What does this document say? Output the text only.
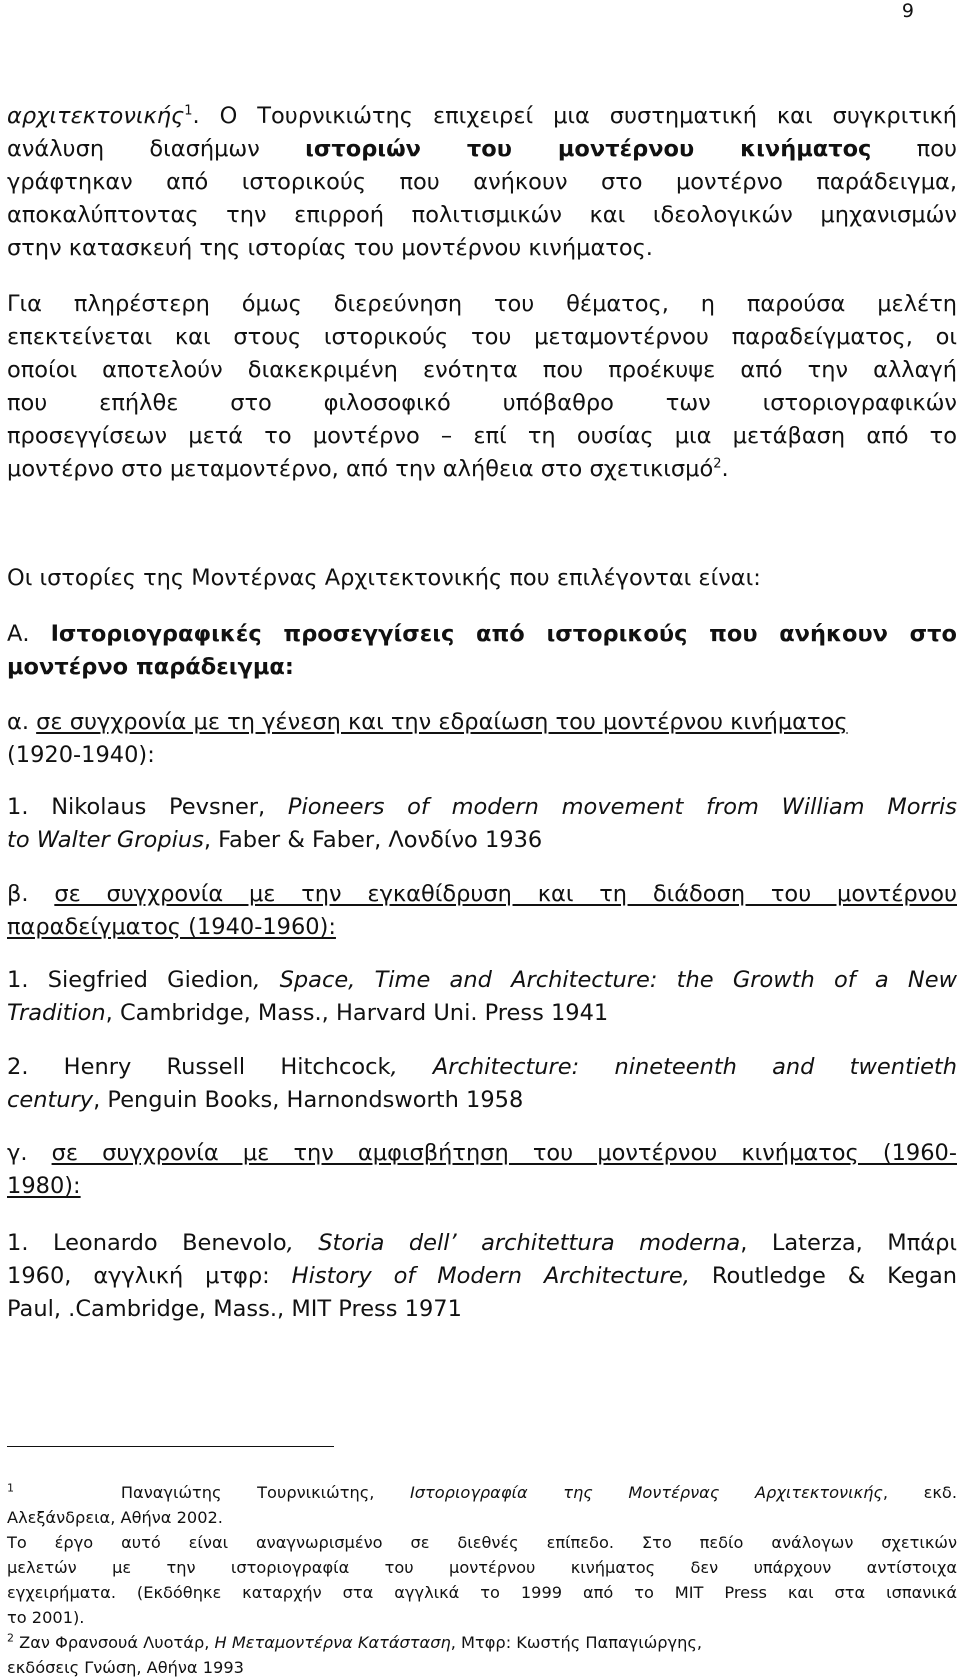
9
αρχιτεκτονικής$^1$. Ο Τουρνικιώτης επιχειρεί μια συστηματική και συγκριτική
ανάλυση διασήμων ιστοριών του μοντέρνου κινήματος που
γράφτηκαν από ιστορικούς που ανήκουν στο μοντέρνο παράδειγμα,
αποκαλύπτοντας την επιρροή πολιτισμικών και ιδεολογικών μηχανισμών
στην κατασκευή της ιστορίας του μοντέρνου κινήματος.
Για πληρέστερη όμως διερεύνηση του θέματος, η παρούσα μελέτη
επεκτείνεται και στους ιστορικούς του μεταμοντέρνου παραδείγματος, οι
οποίοι αποτελούν διακεκριμένη ενότητα που προέκυψε από την αλλαγή
που επήλθε στο φιλοσοφικό υπόβαθρο των ιστοριογραφικών
προσεγγίσεων μετά το μοντέρνο – επί τη ουσίας μια μετάβαση από το
μοντέρνο στο μεταμοντέρνο, από την αλήθεια στο σχετικισμό$^2$.
Οι ιστορίες της Μοντέρνας Αρχιτεκτονικής που επιλέγονται είναι:
Α. Ιστοριογραφικές προσεγγίσεις από ιστορικούς που ανήκουν στο
μοντέρνο παράδειγμα:
α. σε συγχρονία με τη γένεση και την εδραίωση του μοντέρνου κινήματος
(1920-1940):
1. Nikolaus Pevsner, Pioneers of modern movement from William Morris
to Walter Gropius, Faber & Faber, Λονδίνο 1936
β. σε συγχρονία με την εγκαθίδρυση και τη διάδοση του μοντέρνου
παραδείγματος (1940-1960):
1. Siegfried Giedion, Space, Time and Architecture: the Growth of a New
Tradition, Cambridge, Mass., Harvard Uni. Press 1941
2. Henry Russell Hitchcock, Architecture: nineteenth and twentieth
century, Penguin Books, Harnondsworth 1958
γ. σε συγχρονία με την αμφισβήτηση του μοντέρνου κινήματος (1960-
1980):
1. Leonardo Benevolo, Storia dell’ architettura moderna, Laterza, Μπάρι
1960, αγγλική μτφρ: History of Modern Architecture, Routledge & Kegan
Paul, .Cambridge, Mass., MIT Press 1971
$^1$	Παναγιώτης Τουρνικιώτης, Ιστοριογραφία της Μοντέρνας Αρχιτεκτονικής, εκδ.
Αλεξάνδρεια, Αθήνα 2002.
Το έργο αυτό είναι αναγνωρισμένο σε διεθνές επίπεδο. Στο πεδίο ανάλογων σχετικών
μελετών με την ιστοριογραφία του μοντέρνου κινήματος δεν υπάρχουν αντίστοιχα
εγχειρήματα. (Εκδόθηκε καταρχήν στα αγγλικά το 1999 από το MIT Press και στα ισπανικά
το 2001).
$^2$ Ζαν Φρανσουά Λυοτάρ, Η Μεταμοντέρνα Κατάσταση, Μτφρ: Κωστής Παπαγιώργης,
εκδόσεις Γνώση, Αθήνα 1993
